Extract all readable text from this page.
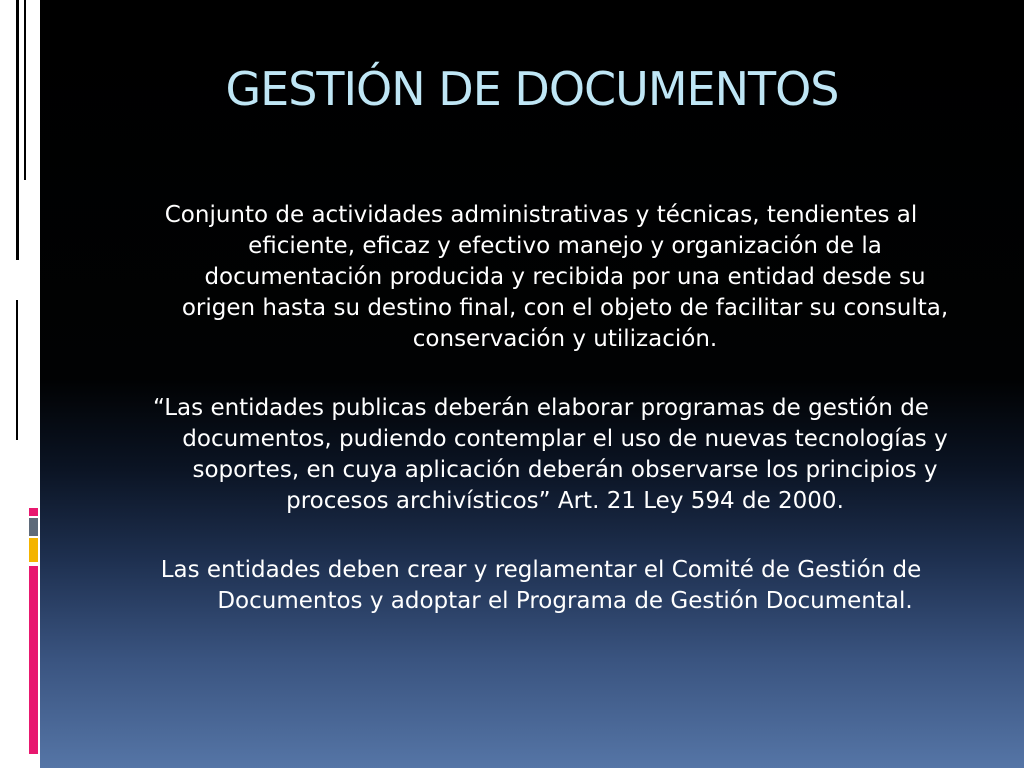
GESTIÓN DE DOCUMENTOS

Conjunto de actividades administrativas y técnicas, tendientes al eficiente, eficaz y efectivo manejo y organización de la documentación producida y recibida por una entidad desde su origen hasta su destino final, con el objeto de facilitar su consulta, conservación y utilización.

“Las entidades publicas deberán elaborar programas de gestión de documentos, pudiendo contemplar el uso de nuevas tecnologías y soportes, en cuya aplicación deberán observarse los principios y procesos archivísticos” Art. 21 Ley 594 de 2000.

Las entidades deben crear y reglamentar el Comité de Gestión de Documentos y adoptar el Programa de Gestión Documental.
